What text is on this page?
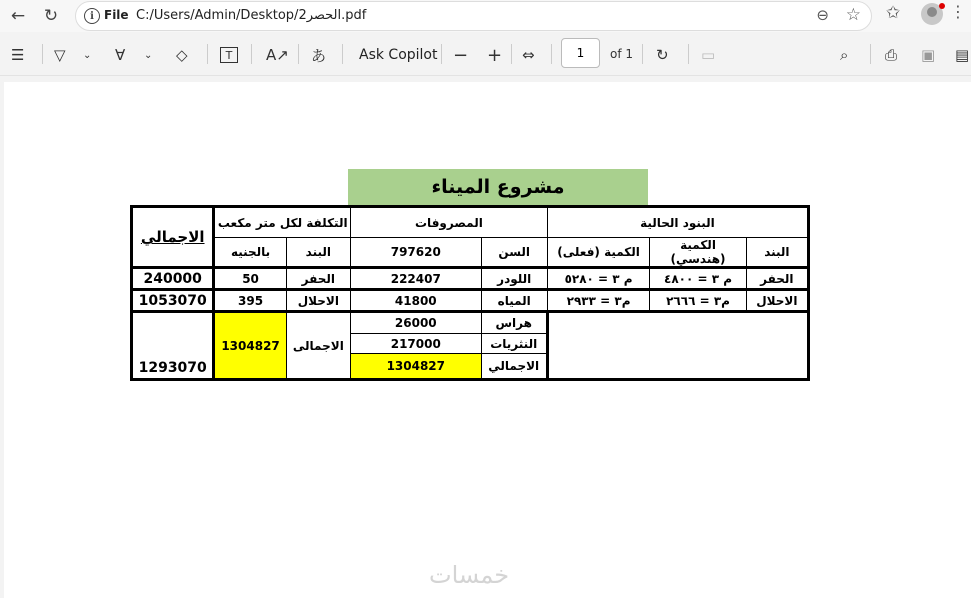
←	↻	i File C:/Users/Admin/Desktop/الحصر2.pdf	⊖ ☆ ✩	⋮
☰ ▽ ⌄ ∀ ⌄ ◇	T	A↗ あ Ask Copilot − + ⇔	1	of 1 ↻ ▭	⌕ ⎙ ▣ ▤
مشروع الميناء
البنود الحالية			المصروفات		التكلفة لكل متر مكعب		الاجمالي
البند	الكمية (هندسي)	الكمية (فعلى)	السن	797620	البند	بالجنيه	
الحفر	م ٣ = ٤٨٠٠	م ٣ = ٥٢٨٠	اللودر	222407	الحفر	50	240000
الاحلال	م٣ = ٢٦٦٦	م٣ = ٢٩٣٣	المياه	41800	الاحلال	395	1053070
			هراس	26000	الاجمالى	1304827	1293070
			النثريات	217000			
			الاجمالي	1304827			
خمسات
